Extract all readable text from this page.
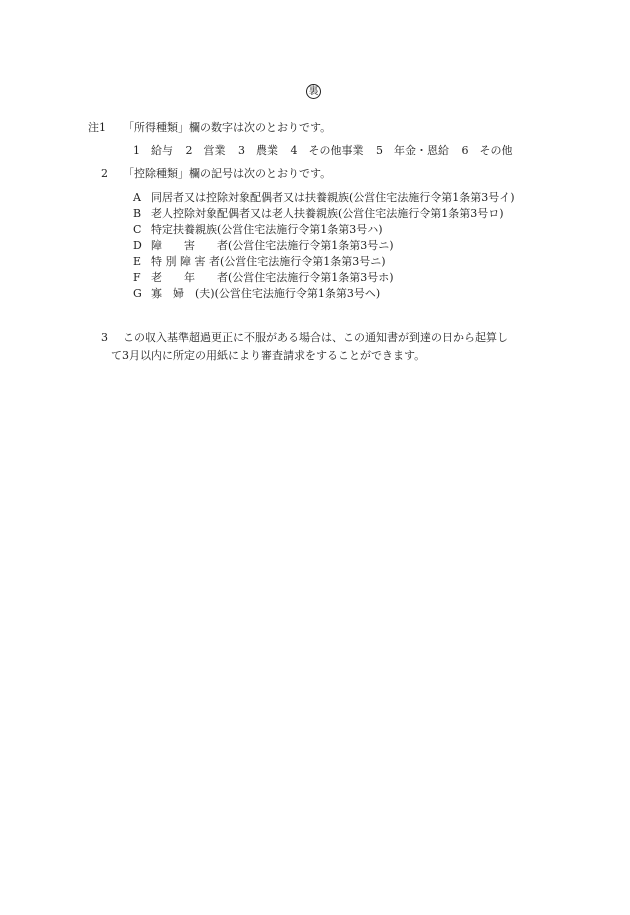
裏
注1 「所得種類」欄の数字は次のとおりです。
1　給与 2　営業 3　農業 4　その他事業 5　年金・恩給 6　その他
2 「控除種類」欄の記号は次のとおりです。
A 同居者又は控除対象配偶者又は扶養親族(公営住宅法施行令第1条第3号イ)
B 老人控除対象配偶者又は老人扶養親族(公営住宅法施行令第1条第3号ロ)
C 特定扶養親族(公営住宅法施行令第1条第3号ハ)
D 障　　害　　者(公営住宅法施行令第1条第3号ニ)
E 特 別 障 害 者(公営住宅法施行令第1条第3号ニ)
F 老　　年　　者(公営住宅法施行令第1条第3号ホ)
G 寡　婦　(夫)(公営住宅法施行令第1条第3号ヘ)
3 この収入基準超過更正に不服がある場合は、この通知書が到達の日から起算し
て3月以内に所定の用紙により審査請求をすることができます。
